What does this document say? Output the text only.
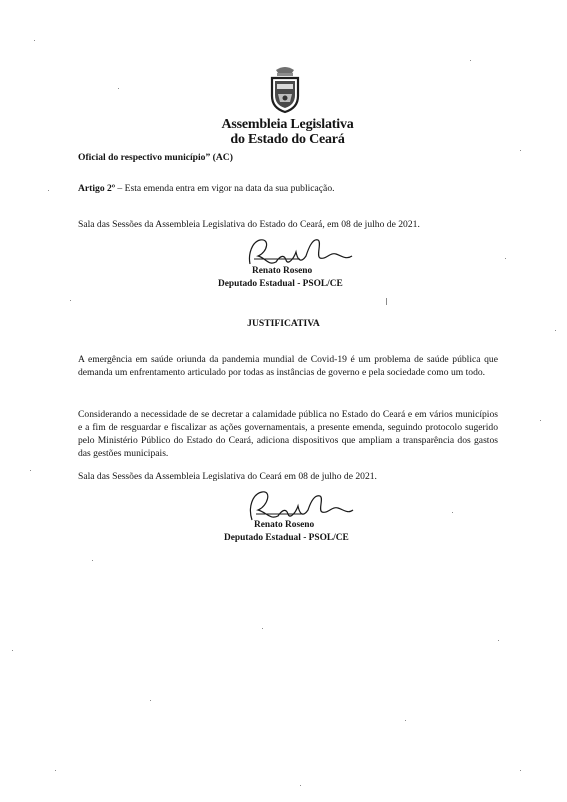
Assembleia Legislativa
do Estado do Ceará
Oficial do respectivo município” (AC)
Artigo 2º – Esta emenda entra em vigor na data da sua publicação.
Sala das Sessões da Assembleia Legislativa do Estado do Ceará, em 08 de julho de 2021.
Renato Roseno
Deputado Estadual - PSOL/CE
JUSTIFICATIVA
A emergência em saúde oriunda da pandemia mundial de Covid-19 é um problema de saúde pública que demanda um enfrentamento articulado por todas as instâncias de governo e pela sociedade como um todo.
Considerando a necessidade de se decretar a calamidade pública no Estado do Ceará e em vários municípios e a fim de resguardar e fiscalizar as ações governamentais, a presente emenda, seguindo protocolo sugerido pelo Ministério Público do Estado do Ceará, adiciona dispositivos que ampliam a transparência dos gastos das gestões municipais.
Sala das Sessões da Assembleia Legislativa do Ceará em 08 de julho de 2021.
Renato Roseno
Deputado Estadual - PSOL/CE
